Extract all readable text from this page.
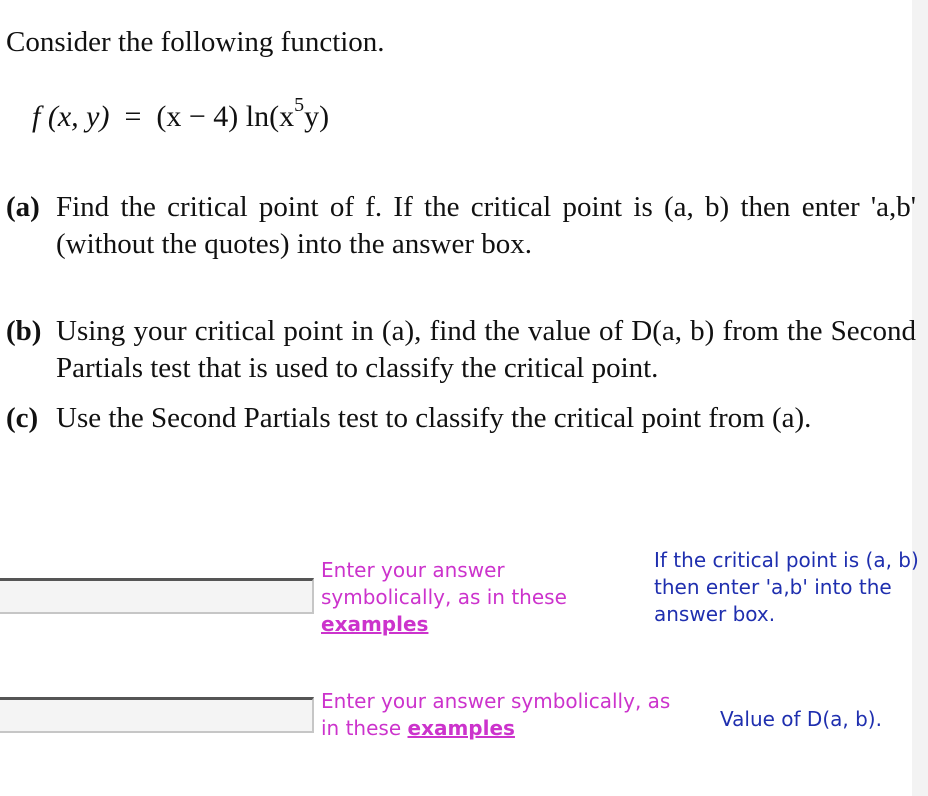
Consider the following function.
f (x, y) = (x − 4) $\ln(x^5y)$
(a) Find the critical point of f. If the critical point is (a, b) then enter 'a,b' (without the quotes) into the answer box.
(b) Using your critical point in (a), find the value of D(a, b) from the Second Partials test that is used to classify the critical point.
(c) Use the Second Partials test to classify the critical point from (a).
Enter your answer symbolically, as in these examples
If the critical point is (a, b) then enter 'a,b' into the answer box.
Enter your answer symbolically, as in these examples	Value of D(a, b).
